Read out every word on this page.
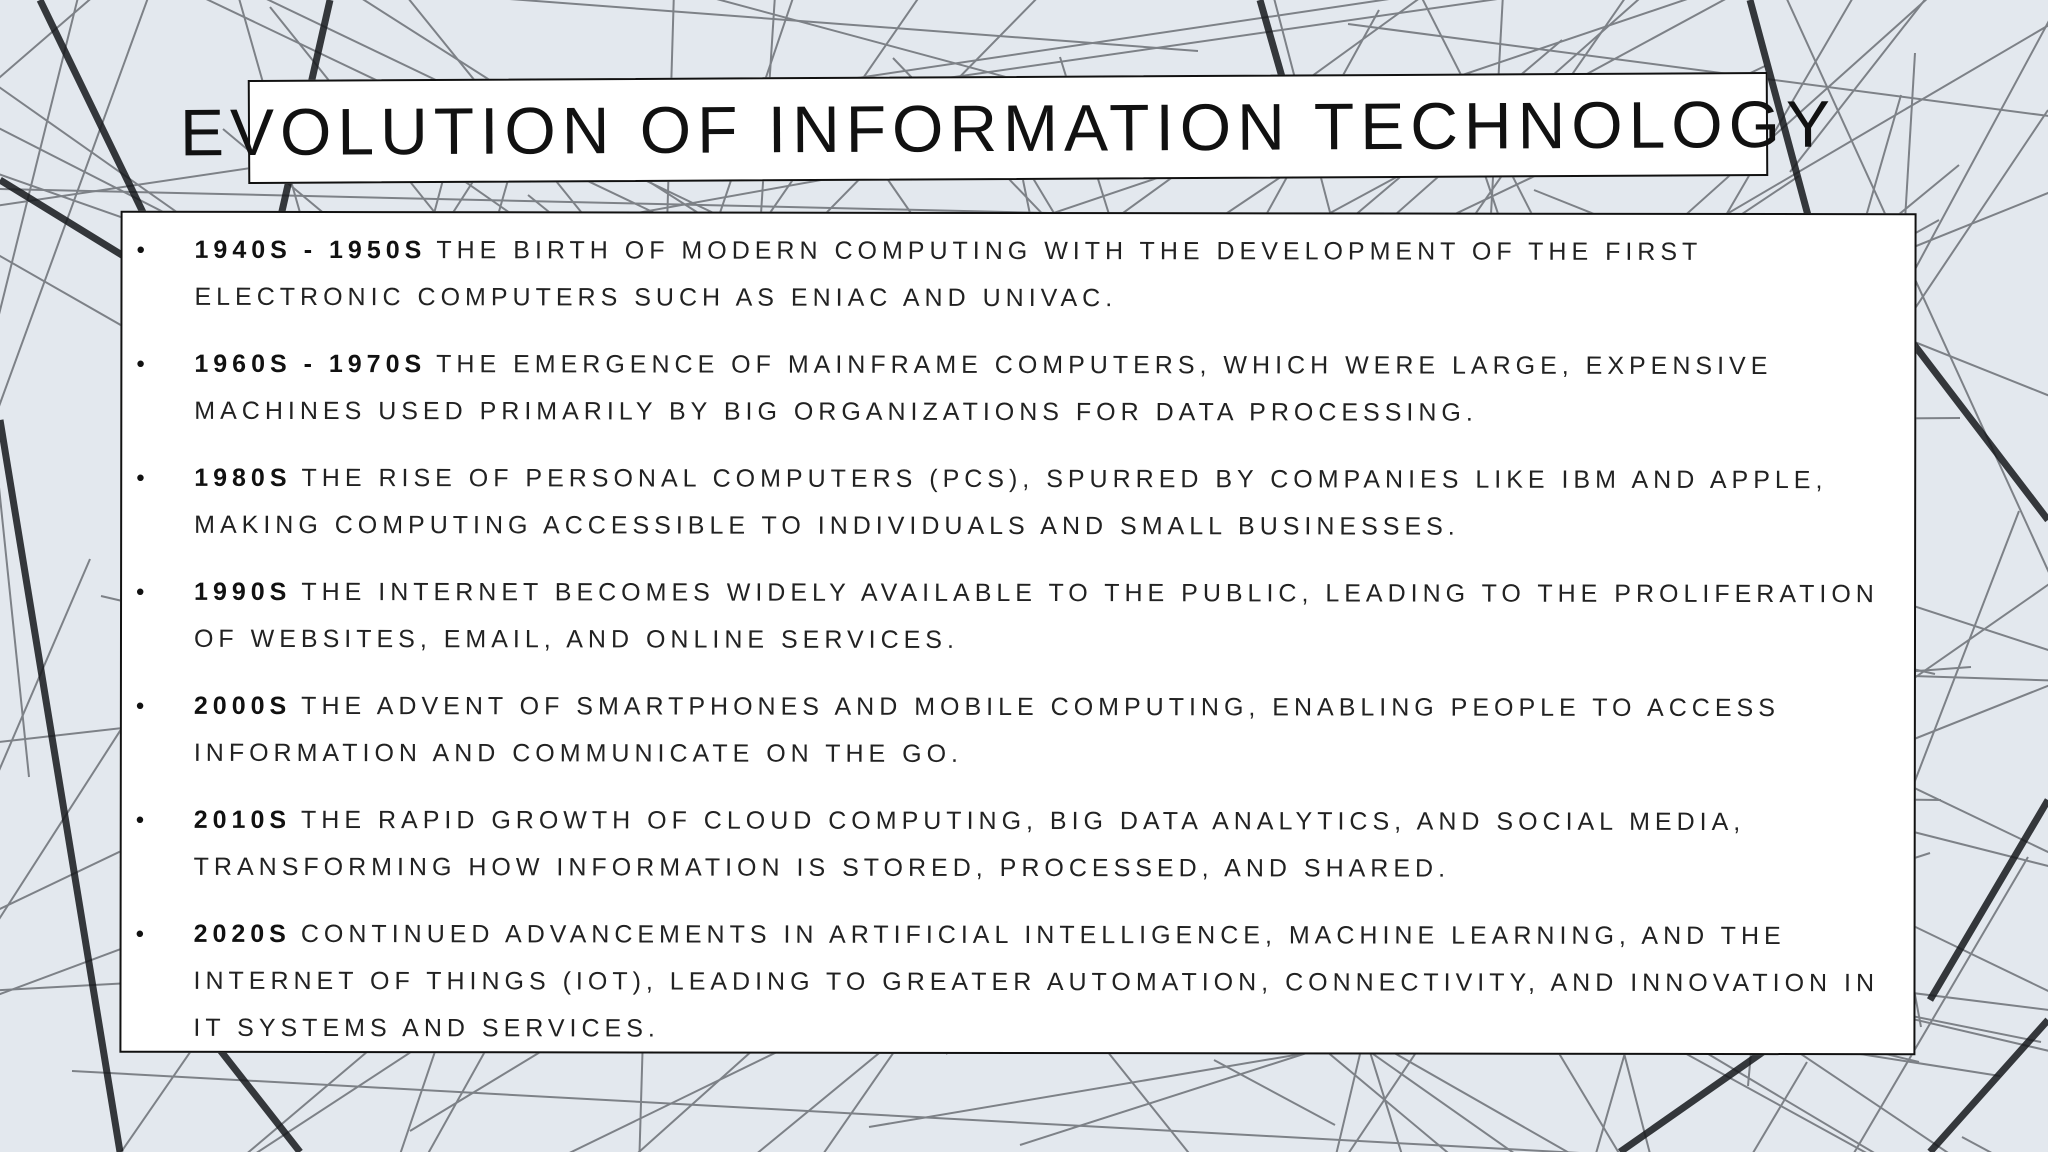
EVOLUTION OF INFORMATION TECHNOLOGY
• 1940S - 1950S THE BIRTH OF MODERN COMPUTING WITH THE DEVELOPMENT OF THE FIRST ELECTRONIC COMPUTERS SUCH AS ENIAC AND UNIVAC.
• 1960S - 1970S THE EMERGENCE OF MAINFRAME COMPUTERS, WHICH WERE LARGE, EXPENSIVE MACHINES USED PRIMARILY BY BIG ORGANIZATIONS FOR DATA PROCESSING.
• 1980S THE RISE OF PERSONAL COMPUTERS (PCS), SPURRED BY COMPANIES LIKE IBM AND APPLE, MAKING COMPUTING ACCESSIBLE TO INDIVIDUALS AND SMALL BUSINESSES.
• 1990S THE INTERNET BECOMES WIDELY AVAILABLE TO THE PUBLIC, LEADING TO THE PROLIFERATION OF WEBSITES, EMAIL, AND ONLINE SERVICES.
• 2000S THE ADVENT OF SMARTPHONES AND MOBILE COMPUTING, ENABLING PEOPLE TO ACCESS INFORMATION AND COMMUNICATE ON THE GO.
• 2010S THE RAPID GROWTH OF CLOUD COMPUTING, BIG DATA ANALYTICS, AND SOCIAL MEDIA, TRANSFORMING HOW INFORMATION IS STORED, PROCESSED, AND SHARED.
• 2020S CONTINUED ADVANCEMENTS IN ARTIFICIAL INTELLIGENCE, MACHINE LEARNING, AND THE INTERNET OF THINGS (IOT), LEADING TO GREATER AUTOMATION, CONNECTIVITY, AND INNOVATION IN IT SYSTEMS AND SERVICES.
